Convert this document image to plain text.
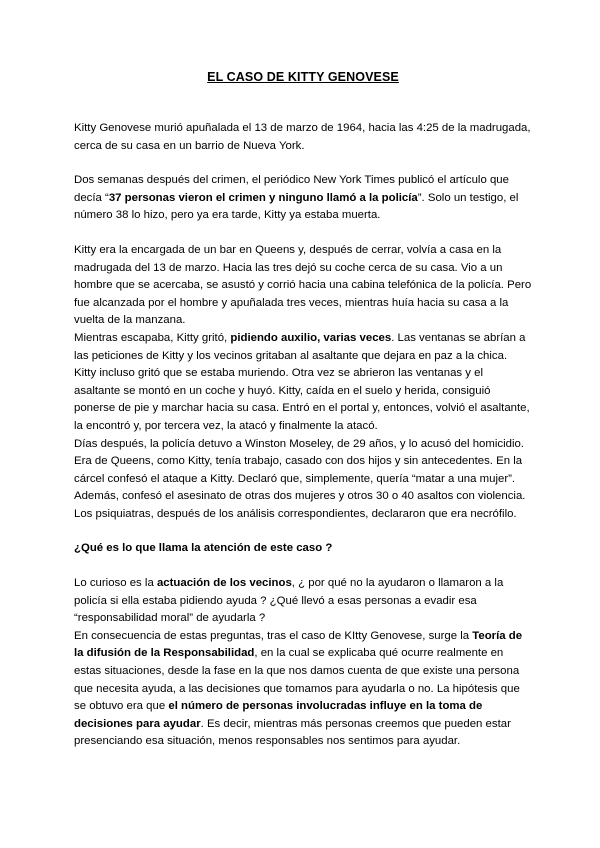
EL CASO DE KITTY GENOVESE

Kitty Genovese murió apuñalada el 13 de marzo de 1964, hacia las 4:25 de la madrugada, cerca de su casa en un barrio de Nueva York.

Dos semanas después del crimen, el periódico New York Times publicó el artículo que decía “37 personas vieron el crimen y ninguno llamó a la policía”. Solo un testigo, el número 38 lo hizo, pero ya era tarde, Kitty ya estaba muerta.

Kitty era la encargada de un bar en Queens y, después de cerrar, volvía a casa en la madrugada del 13 de marzo. Hacia las tres dejó su coche cerca de su casa. Vio a un hombre que se acercaba, se asustó y corrió hacia una cabina telefónica de la policía. Pero fue alcanzada por el hombre y apuñalada tres veces, mientras huía hacia su casa a la vuelta de la manzana.

Mientras escapaba, Kitty gritó, pidiendo auxilio, varias veces. Las ventanas se abrían a las peticiones de Kitty y los vecinos gritaban al asaltante que dejara en paz a la chica. Kitty incluso gritó que se estaba muriendo. Otra vez se abrieron las ventanas y el asaltante se montó en un coche y huyó. Kitty, caída en el suelo y herida, consiguió ponerse de pie y marchar hacia su casa. Entró en el portal y, entonces, volvió el asaltante, la encontró y, por tercera vez, la atacó y finalmente la atacó.

Días después, la policía detuvo a Winston Moseley, de 29 años, y lo acusó del homicidio. Era de Queens, como Kitty, tenía trabajo, casado con dos hijos y sin antecedentes. En la cárcel confesó el ataque a Kitty. Declaró que, simplemente, quería “matar a una mujer”. Además, confesó el asesinato de otras dos mujeres y otros 30 o 40 asaltos con violencia. Los psiquiatras, después de los análisis correspondientes, declararon que era necrófilo.

¿Qué es lo que llama la atención de este caso ?

Lo curioso es la actuación de los vecinos, ¿ por qué no la ayudaron o llamaron a la policía si ella estaba pidiendo ayuda ? ¿Qué llevó a esas personas a evadir esa “responsabilidad moral” de ayudarla ?

En consecuencia de estas preguntas, tras el caso de KItty Genovese, surge la Teoría de la difusión de la Responsabilidad, en la cual se explicaba qué ocurre realmente en estas situaciones, desde la fase en la que nos damos cuenta de que existe una persona que necesita ayuda, a las decisiones que tomamos para ayudarla o no. La hipótesis que se obtuvo era que el número de personas involucradas influye en la toma de decisiones para ayudar. Es decir, mientras más personas creemos que pueden estar presenciando esa situación, menos responsables nos sentimos para ayudar.
